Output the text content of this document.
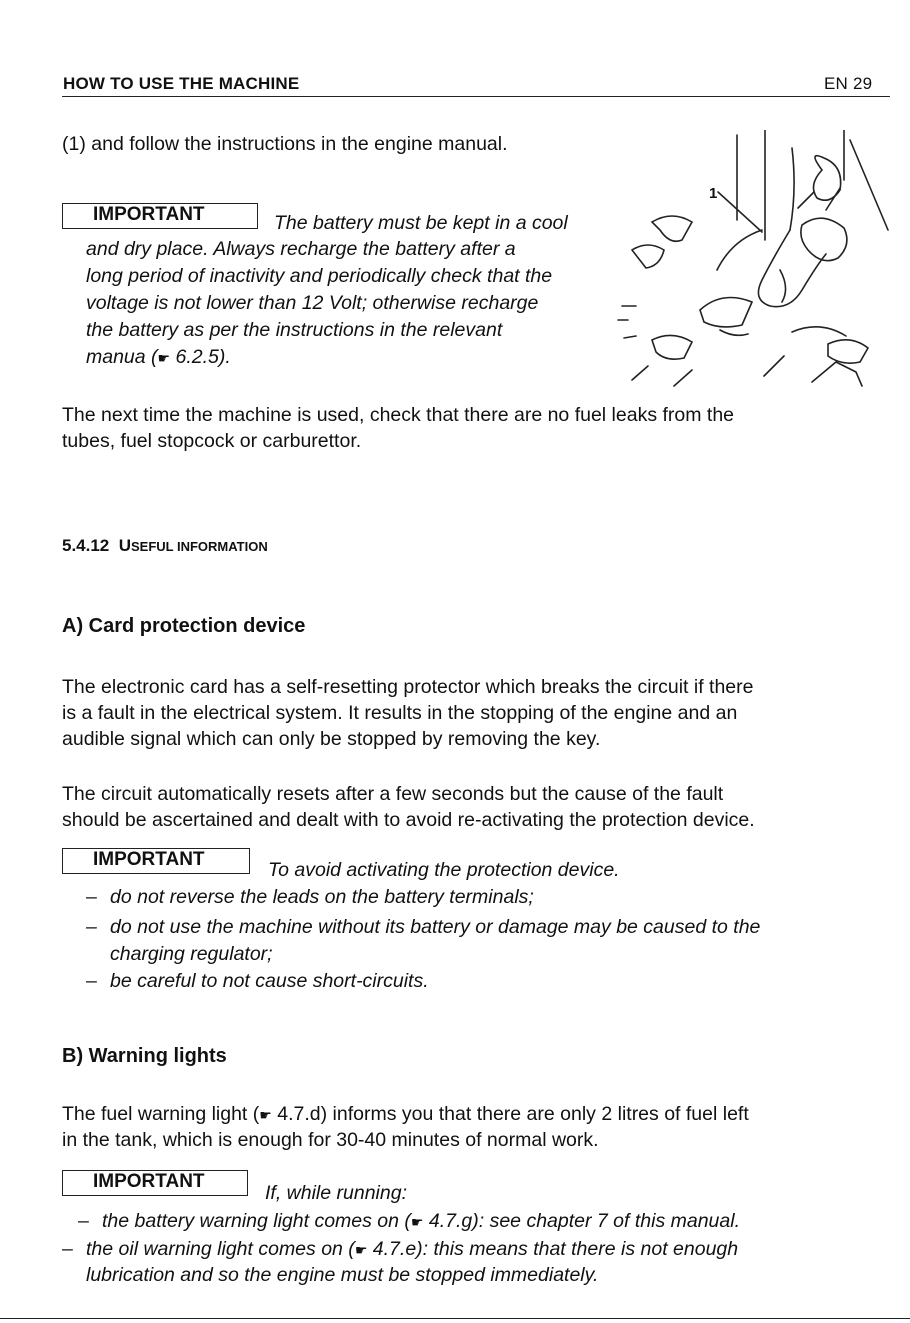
HOW TO USE THE MACHINE	EN 29
(1) and follow the instructions in the engine manual.
IMPORTANT	The battery must be kept in a cool
and dry place. Always recharge the battery after a
long period of inactivity and periodically check that the
voltage is not lower than 12 Volt; otherwise recharge
the battery as per the instructions in the relevant
manua (☛ 6.2.5).
1
The next time the machine is used, check that there are no fuel leaks from the
tubes, fuel stopcock or carburettor.
5.4.12 USEFUL INFORMATION
A) Card protection device
The electronic card has a self-resetting protector which breaks the circuit if there
is a fault in the electrical system. It results in the stopping of the engine and an
audible signal which can only be stopped by removing the key.
The circuit automatically resets after a few seconds but the cause of the fault
should be ascertained and dealt with to avoid re-activating the protection device.
IMPORTANT	To avoid activating the protection device.
– do not reverse the leads on the battery terminals;
– do not use the machine without its battery or damage may be caused to the
charging regulator;
– be careful to not cause short-circuits.
B) Warning lights
The fuel warning light (☛ 4.7.d) informs you that there are only 2 litres of fuel left
in the tank, which is enough for 30-40 minutes of normal work.
IMPORTANT
If, while running:
– the battery warning light comes on (☛ 4.7.g): see chapter 7 of this manual.
– the oil warning light comes on (☛ 4.7.e): this means that there is not enough
lubrication and so the engine must be stopped immediately.
